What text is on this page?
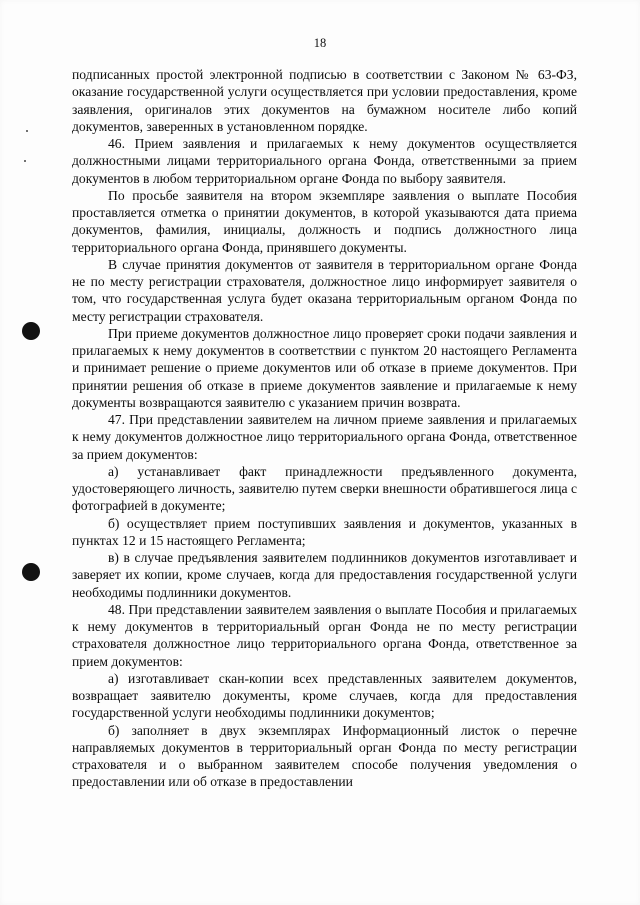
18

подписанных простой электронной подписью в соответствии с Законом № 63-ФЗ, оказание государственной услуги осуществляется при условии предоставления, кроме заявления, оригиналов этих документов на бумажном носителе либо копий документов, заверенных в установленном порядке.

46. Прием заявления и прилагаемых к нему документов осуществляется должностными лицами территориального органа Фонда, ответственными за прием документов в любом территориальном органе Фонда по выбору заявителя.

По просьбе заявителя на втором экземпляре заявления о выплате Пособия проставляется отметка о принятии документов, в которой указываются дата приема документов, фамилия, инициалы, должность и подпись должностного лица территориального органа Фонда, принявшего документы.

В случае принятия документов от заявителя в территориальном органе Фонда не по месту регистрации страхователя, должностное лицо информирует заявителя о том, что государственная услуга будет оказана территориальным органом Фонда по месту регистрации страхователя.

При приеме документов должностное лицо проверяет сроки подачи заявления и прилагаемых к нему документов в соответствии с пунктом 20 настоящего Регламента и принимает решение о приеме документов или об отказе в приеме документов. При принятии решения об отказе в приеме документов заявление и прилагаемые к нему документы возвращаются заявителю с указанием причин возврата.

47. При представлении заявителем на личном приеме заявления и прилагаемых к нему документов должностное лицо территориального органа Фонда, ответственное за прием документов:

а) устанавливает факт принадлежности предъявленного документа, удостоверяющего личность, заявителю путем сверки внешности обратившегося лица с фотографией в документе;

б) осуществляет прием поступивших заявления и документов, указанных в пунктах 12 и 15 настоящего Регламента;

в) в случае предъявления заявителем подлинников документов изготавливает и заверяет их копии, кроме случаев, когда для предоставления государственной услуги необходимы подлинники документов.

48. При представлении заявителем заявления о выплате Пособия и прилагаемых к нему документов в территориальный орган Фонда не по месту регистрации страхователя должностное лицо территориального органа Фонда, ответственное за прием документов:

а) изготавливает скан-копии всех представленных заявителем документов, возвращает заявителю документы, кроме случаев, когда для предоставления государственной услуги необходимы подлинники документов;

б) заполняет в двух экземплярах Информационный листок о перечне направляемых документов в территориальный орган Фонда по месту регистрации страхователя и о выбранном заявителем способе получения уведомления о предоставлении или об отказе в предоставлении
